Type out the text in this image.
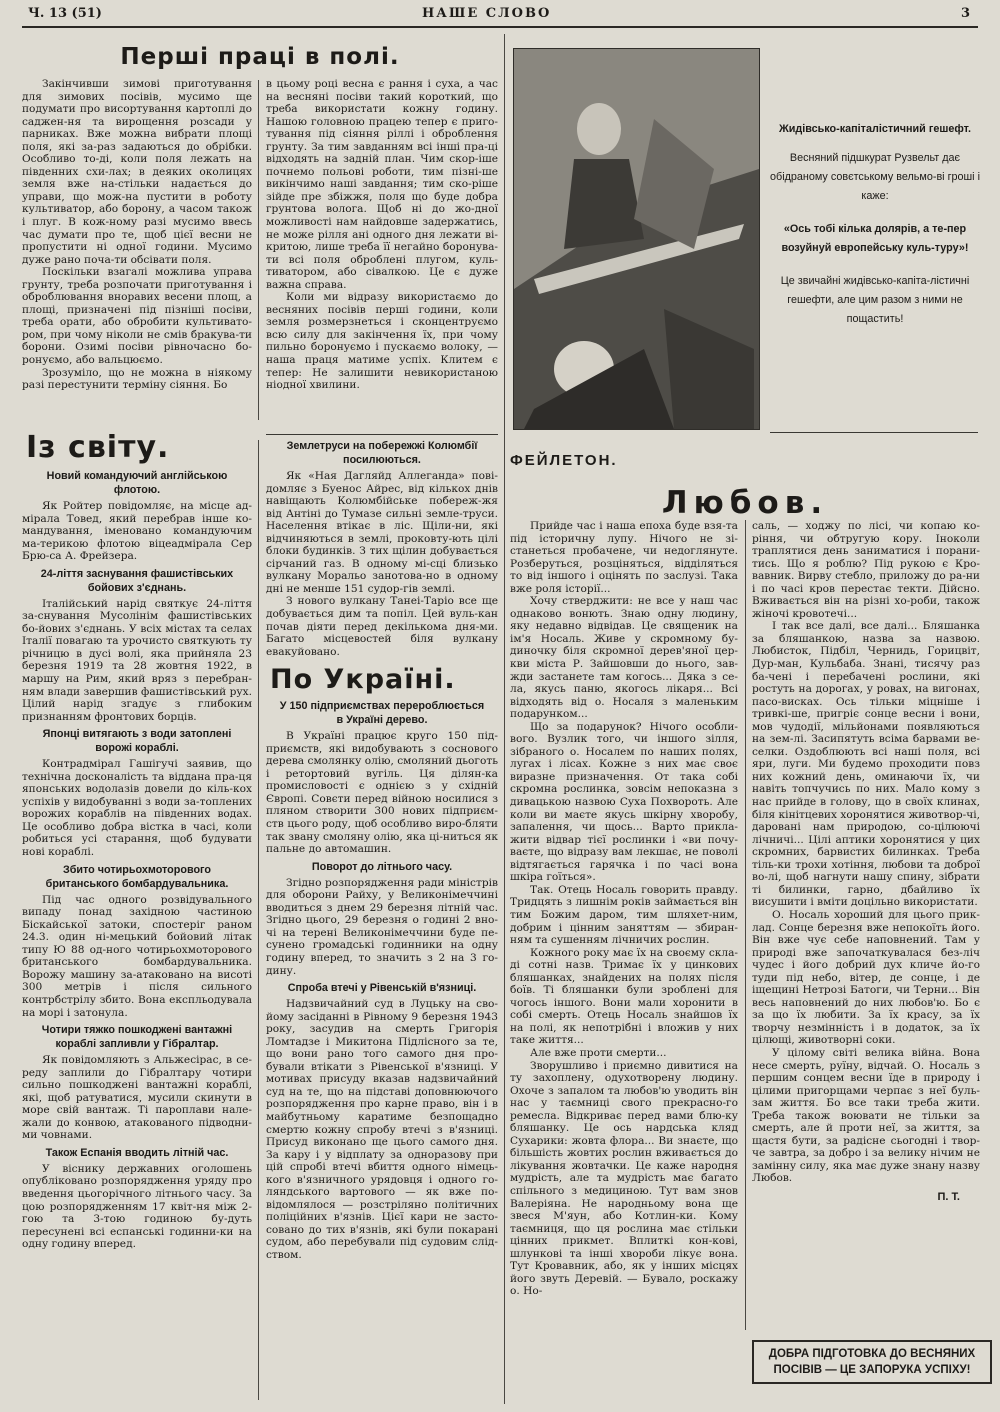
Ч. 13 (51)	НАШЕ СЛОВО	3
Перші праці в полі.

Закінчивши зимові приготування для зимових посівів, мусимо ще подумати про висортування картоплі до саджен-ня та вирощення розсади у парниках. Вже можна вибрати площі поля, які за-раз задаються до обрібки. Особливо то-ді, коли поля лежать на південних схи-лах; в деяких околицях земля вже на-стільки надається до управи, що мож-на пустити в роботу культиватор, або борону, а часом також і плуг. В кож-ному разі мусимо ввесь час думати про те, щоб цієї весни не пропустити ні одної години. Мусимо дуже рано поча-ти обсівати поля.

Поскільки взагалі можлива управа грунту, треба розпочати приготування і оброблювання вноравих весени площ, а площі, призначені під пізніші посіви, треба орати, або обробити культивато-ром, при чому ніколи не смів бракува-ти борони. Озимі посіви рівночасно бо-ронуємо, або вальцюємо.

Зрозуміло, що не можна в ніякому разі перестунити терміну сіяння. Бо

в цьому році весна є рання і суха, а час на весняні посіви такий короткий, що треба використати кожну годину. Нашою головною працею тепер є приго-тування під сіяння ріллі і оброблення грунту. За тим завданням всі інші пра-ці відходять на задній план. Чим скор-іше почнемо польові роботи, тим пізні-ше викінчимо наші завдання; тим ско-ріше зійде пре збіжжя, поля що буде добра грунтова волога. Щоб ні до жо-дної можливості нам найдовше задержатись, не може рілля ані одного дня лежати ві-критою, лише треба її негайно боронува-ти всі поля оброблені плугом, куль-тиватором, або сівалкою. Це є дуже важна справа.

Коли ми відразу використаємо до весняних посівів перші години, коли земля розмерзнеться і сконцентруємо всю силу для закінчення їх, при чому пильно боронуємо і пускаємо волоку, — наша праця матиме успіх. Клитем є тепер: Не залишити невикористаною ніодної хвилини.

Із світу.

Новий командуючий англійською флотою.

Як Ройтер повідомляє, на місце ад-мірала Товед, який перебрав інше ко-мандування, іменовано командуючим ма-терикою флотою віцеадмірала Сер Брю-са А. Фрейзера.

24-ліття заснування фашистівських бойових з'єднань.

Італійський нарід святкує 24-ліття за-снування Мусолінім фашистівських бо-йових з'єднань. У всіх містах та селах Італії повагаю та урочисто святкують ту річницю в дусі волі, яка прийняла 23 березня 1919 та 28 жовтня 1922, в маршу на Рим, який вряз з перебран-ням влади завершив фашистівський рух. Цілий нарід згадує з глибоким признанням фронтових борців.

Японці витягають з води затоплені ворожі кораблі.

Контрадмірал Гашігучі заявив, що технічна досконалість та віддана пра-ця японських водолазів довели до кіль-кох успіхів у видобуванні з води за-топлених ворожих кораблів на південних водах. Це особливо добра вістка в часі, коли робиться усі старання, щоб будувати нові кораблі.

Збито чотирьохмоторового британського бомбардувальника.

Під час одного розвідувального випаду понад західною частиною Біскайської затоки, спостеріг раном 24.3. один ні-мецький бойовий літак типу Ю 88 од-ного чотирьохмоторового британського бомбардувальника. Ворожу машину за-атаковано на висоті 300 метрів і після сильного контрбстрілу збито. Вона експльодувала на морі і затонула.

Чотири тяжко пошкоджені вантажні кораблі запливли у Гібралтар.

Як повідомляють з Альжесірас, в се-реду заплили до Гібралтару чотири сильно пошкоджені вантажні кораблі, які, щоб ратуватися, мусили скинути в море свій вантаж. Ті пароплави нале-жали до конвою, атакованого підводни-ми човнами.

Також Еспанія вводить літній час.

У віснику державних оголошень опубліковано розпорядження уряду про введення цьогорічного літнього часу. За цою розпорядженням 17 квіт-ня між 2-гою та 3-тою годиною бу-дуть пересунені всі еспанські годинни-ки на одну годину вперед.

Землетруси на побережжі Колюмбії посилюються.

Як «Ная Дагляйд Аллеганда» пові-домляє з Буенос Айрес, від кількох днів навіщають Колюмбійське побереж-жя від Антіні до Тумазе сильні земле-труси. Населення втікає в ліс. Щіли-ни, які відчиняються в землі, проковту-ють цілі блоки будинків. З тих щілин добувається сірчаний газ. В одному мі-сці близько вулкану Моральо занотова-но в одному дні не менше 151 судор-гів землі.

З нового вулкану Танеі-Таріо все ще добувається дим та попіл. Цей вуль-кан почав діяти перед декількома дня-ми. Багато місцевостей біля вулкану евакуйовано.

По Україні.

У 150 підприємствах перероблюється в Україні дерево.

В Україні працює круго 150 під-приємств, які видобувають з соснового дерева смолянку олію, смоляний дьоготь і ретортовий вугіль. Ця ділян-ка промисловості є однією з у східній Європі. Совєти перед війною носилися з пляном створити 300 нових підприєм-ств цього роду, щоб особливо виро-бляти так звану смоляну олію, яка ці-ниться як пальне до автомашин.

Поворот до літнього часу.

Згідно розпорядження ради міністрів для оборони Райху, у Великонімеччині вводиться з днем 29 березня літній час. Згідно цього, 29 березня о годині 2 вно-чі на терені Великонімеччини буде пе-сунено громадські годинники на одну годину вперед, то значить з 2 на 3 го-дину.

Спроба втечі у Рівенській в'язниці.

Надзвичайний суд в Луцьку на сво-йому засіданні в Рівному 9 березня 1943 року, засудив на смерть Григорія Ломтадзе і Микитона Підлісного за те, що вони рано того самого дня про-бували втікати з Рівенської в'язниці. У мотивах присуду вказав надзвичайний суд на те, що на підставі доповнюючого розпорядження про карне право, він і в майбутньому каратиме безпощадно смертю кожну спробу втечі з в'язниці. Присуд виконано ще цього самого дня. За кару і у відплату за одноразову при цій спробі втечі вбиття одного німець-кого в'язничного урядовця і одного го-ляндського вартового — як вже по-відомлялося — розстріляно політичних поліційних в'язнів. Цієї кари не засто-совано до тих в'язнів, які були покарані судом, або перебували під судовим слід-ством.

Жидівсько-капіталістичний гешефт.
Весняний підшкурат Рузвельт дає обідраному совєтському вельмо-ві гроші і каже:
«Ось тобі кілька долярів, а те-пер возуйнуй европейську куль-туру»!
Це звичайні жидівсько-капіта-лістичні гешефти, але цим разом з ними не пощастить!
ФЕЙЛЕТОН.
Любов.

Прийде час і наша епоха буде взя-та під історичну лупу. Нічого не зі-станеться пробачене, чи недоглянуте. Розберуться, розціняться, відділяться то від іншого і оцінять по заслузі. Така вже роля історії...

Хочу стверджити: не все у наш час однаково вонють. Знаю одну людину, яку недавно відвідав. Це священик на ім'я Носаль. Живе у скромному бу-диночку біля скромної дерев'яної цер-кви міста Р. Зайшовши до нього, зав-жди застанете там когось... Дяка з се-ла, якусь паню, якогось лікаря... Всі відходять від о. Носаля з маленьким подарунком...

Що за подарунок? Нічого особли-вого. Вузлик того, чи іншого зілля, зібраного о. Носалем по наших полях, лугах і лісах. Кожне з них має своє виразне призначення. От така собі скромна рослинка, зовсім непоказна з дивацькою назвою Суха Похвороть. Але коли ви маєте якусь шкірну хворобу, запалення, чи щось... Варто прикла-жити відвар тієї рослинки і «ви почу-ваєте, що відразу вам лекшає, не поволі відтягається гарячка і по часі вона шкіра гоїться».

Так. Отець Носаль говорить правду. Тридцять з лишнім років займається він тим Божим даром, тим шляхет-ним, добрим і цінним заняттям — збиран-ням та сушенням лічничих рослин.

Кожного року має їх на своєму скла-ді сотні назв. Тримає їх у цинкових бляшанках, знайдених на полях після боїв. Ті бляшанки були зроблені для чогось іншого. Вони мали хоронити в собі смерть. Отець Носаль знайшов їх на полі, як непотрібні і вложив у них таке життя...

Але вже проти смерти...

Зворушливо і приємно дивитися на ту захоплену, одухотворену людину. Охоче з запалом та любов'ю уводить він нас у таємниці свого прекрасно-го ремесла. Відкриває перед вами блю-ку бляшанку. Це ось нардська кляд Сухарики: жовта флора... Ви знаєте, що більшість жовтих рослин вживається до лікування жовтачки. Це каже народня мудрість, але та мудрість має багато спільного з медициною. Тут вам знов Валеріяна. Не народньому вона ще звеся М'яун, або Котлин-ки. Кому таємниця, що ця рослина має стільки цінних прикмет. Вплиткі кон-кові, шлункові та інші хвороби лікує вона. Тут Кровавник, або, як у інших місцях його звуть Деревій. — Бувало, роскажу о. Но-

саль, — ходжу по лісі, чи копаю ко-ріння, чи обтругую кору. Іноколи траплятися день заниматися і порани-тись. Що я роблю? Під рукою є Кро-вавник. Вирву стебло, приложу до ра-ни і по часі кров перестає текти. Дійсно. Вживається він на різні хо-роби, також жіночі кровотечі...

І так все далі, все далі... Бляшанка за бляшанкою, назва за назвою. Любисток, Підбіл, Чернидь, Горицвіт, Дур-ман, Кульбаба. Знані, тисячу раз ба-чені і перебачені рослини, які ростуть на дорогах, у ровах, на вигонах, пасо-висках. Ось тільки міцніше і тривкі-ше, пригріє сонце весни і вони, мов чудодії, мільйонами появляються на зем-лі. Засипятуть всіма барвами ве-селки. Оздоблюють всі наші поля, всі яри, луги. Ми будемо проходити повз них кожний день, оминаючи їх, чи навіть топчучись по них. Мало кому з нас прийде в голову, що в своїх клинах, біля кінітцевих хоронятися животвор-чі, даровані нам природою, со-цілюючі лічничі... Цілі аптики хоронятися у цих скромних, барвистих билинках. Треба тіль-ки трохи хотіння, любови та доброї во-лі, щоб нагнути нашу спину, зібрати ті билинки, гарно, дбайливо їх висушити і вміти доцільно використати.

О. Носаль хороший для цього прик-лад. Сонце березня вже непокоїть його. Він вже чує себе наповнений. Там у природі вже започаткувалася без-ліч чудес і його добрий дух кличе йо-го туди під небо, вітер, де сонце, і де іщещині Нетрозі Батоги, чи Терни... Він весь наповнений до них любов'ю. Бо є за що їх любити. За їх красу, за їх творчу незмінність і в додаток, за їх цілющі, животворні соки.

У цілому світі велика війна. Вона несе смерть, руїну, відчай. О. Носаль з першим сонцем весни їде в природу і цілими пригорщами черпає з неї буль-зам життя. Бо все таки треба жити. Треба також воювати не тільки за смерть, але й проти неї, за життя, за щастя бути, за радісне сьогодні і твор-че завтра, за добро і за велику нічим не замінну силу, яка має дуже знану назву Любов.

П. Т.
ДОБРА ПІДГОТОВКА ДО ВЕСНЯНИХ ПОСІВІВ — ЦЕ ЗАПОРУКА УСПІХУ!
